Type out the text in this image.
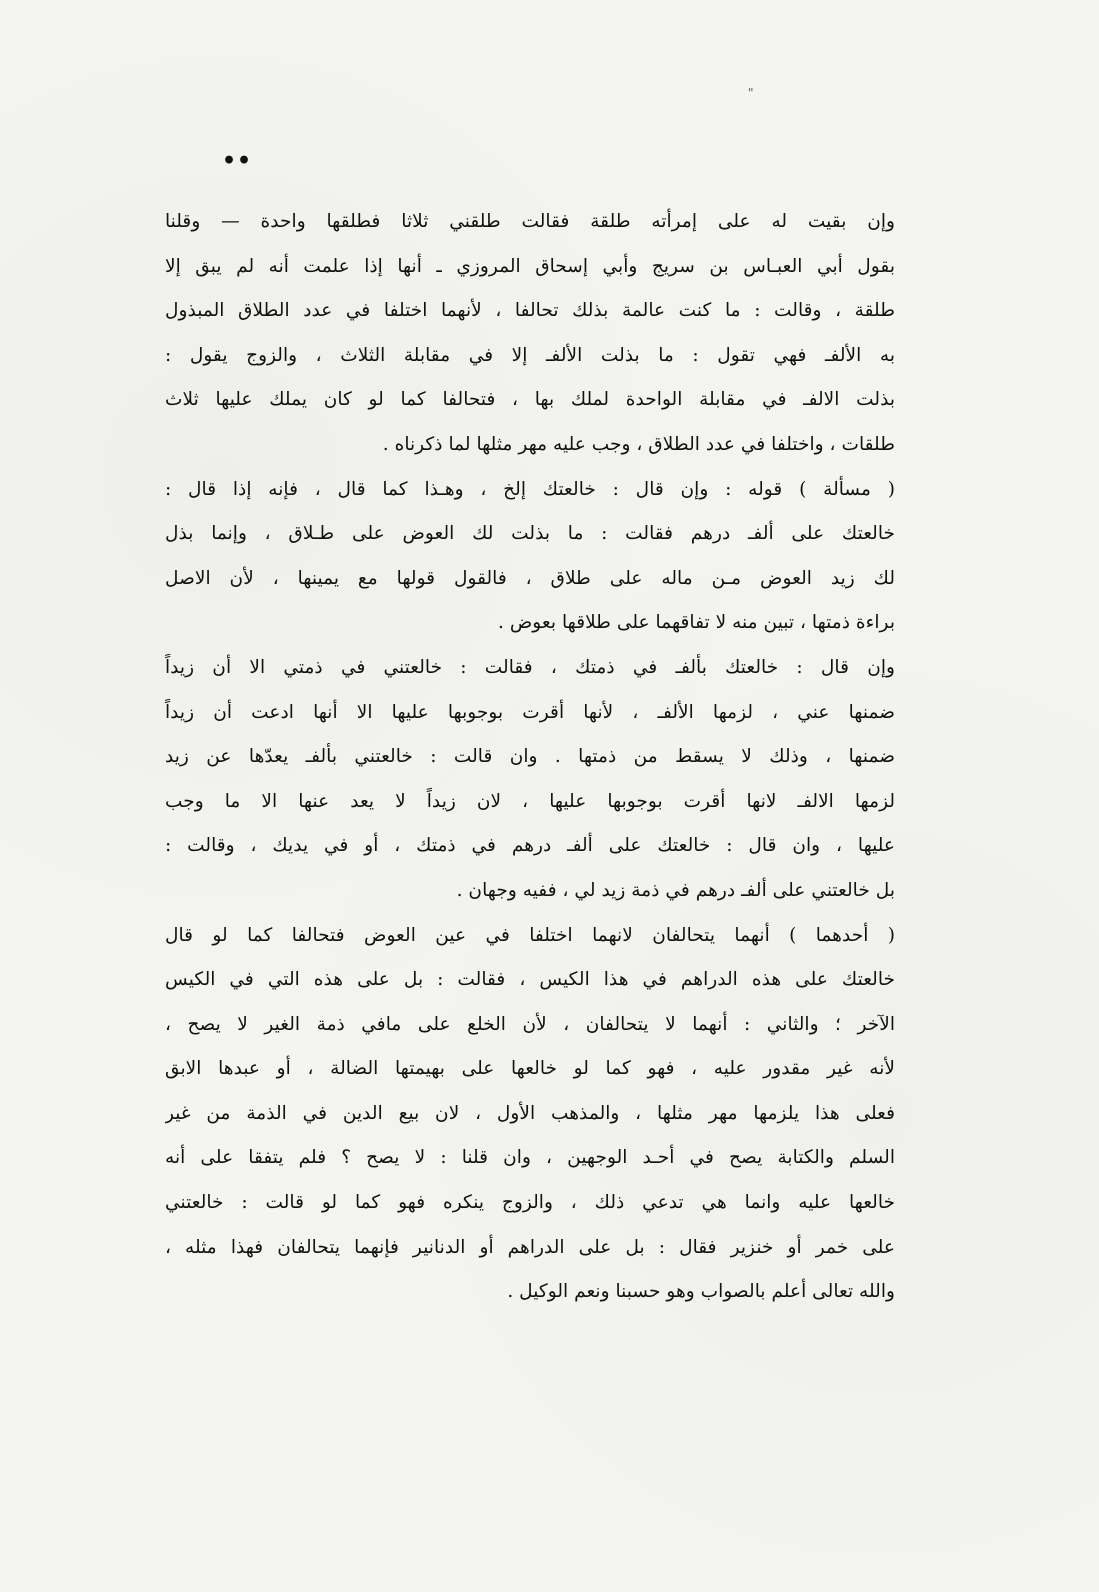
"
••
وإن بقيت له على إمرأته طلقة فقالت طلقني ثلاثا فطلقها واحدة — وقلنا
بقول أبي العبـاس بن سريج وأبي إسحاق المروزي ـ أنها إذا علمت أنه لم يبق إلا
طلقة ، وقالت : ما كنت عالمة بذلك تحالفا ، لأنهما اختلفا في عدد الطلاق المبذول
به الألفـ فهي تقول : ما بذلت الألفـ إلا في مقابلة الثلاث ، والزوج يقول :
بذلت الالفـ في مقابلة الواحدة لملك بها ، فتحالفا كما لو كان يملك عليها ثلاث
طلقات ، واختلفا في عدد الطلاق ، وجب عليه مهر مثلها لما ذكرناه .
( مسألة ) قوله : وإن قال : خالعتك إلخ ، وهـذا كما قال ، فإنه إذا قال :
خالعتك على ألفـ درهم فقالت : ما بذلت لك العوض على طـلاق ، وإنما بذل
لك زيد العوض مـن ماله على طلاق ، فالقول قولها مع يمينها ، لأن الاصل
براءة ذمتها ، تبين منه لا تفاقهما على طلاقها بعوض .
وإن قال : خالعتك بألفـ في ذمتك ، فقالت : خالعتني في ذمتي الا أن زيداً
ضمنها عني ، لزمها الألفـ ، لأنها أقرت بوجوبها عليها الا أنها ادعت أن زيداً
ضمنها ، وذلك لا يسقط من ذمتها . وان قالت : خالعتني بألفـ يعدّها عن زيد
لزمها الالفـ لانها أقرت بوجوبها عليها ، لان زيداً لا يعد عنها الا ما وجب
عليها ، وان قال : خالعتك على ألفـ درهم في ذمتك ، أو في يديك ، وقالت :
بل خالعتني على ألفـ درهم في ذمة زيد لي ، ففيه وجهان .
( أحدهما ) أنهما يتحالفان لانهما اختلفا في عين العوض فتحالفا كما لو قال
خالعتك على هذه الدراهم في هذا الكيس ، فقالت : بل على هذه التي في الكيس
الآخر ؛ والثاني : أنهما لا يتحالفان ، لأن الخلع على مافي ذمة الغير لا يصح ،
لأنه غير مقدور عليه ، فهو كما لو خالعها على بهيمتها الضالة ، أو عبدها الابق
فعلى هذا يلزمها مهر مثلها ، والمذهب الأول ، لان بيع الدين في الذمة من غير
السلم والكتابة يصح في أحـد الوجهين ، وان قلنا : لا يصح ؟ فلم يتفقا على أنه
خالعها عليه وانما هي تدعي ذلك ، والزوج ينكره فهو كما لو قالت : خالعتني
على خمر أو خنزير فقال : بل على الدراهم أو الدنانير فإنهما يتحالفان فهذا مثله ،
والله تعالى أعلم بالصواب وهو حسبنا ونعم الوكيل .
